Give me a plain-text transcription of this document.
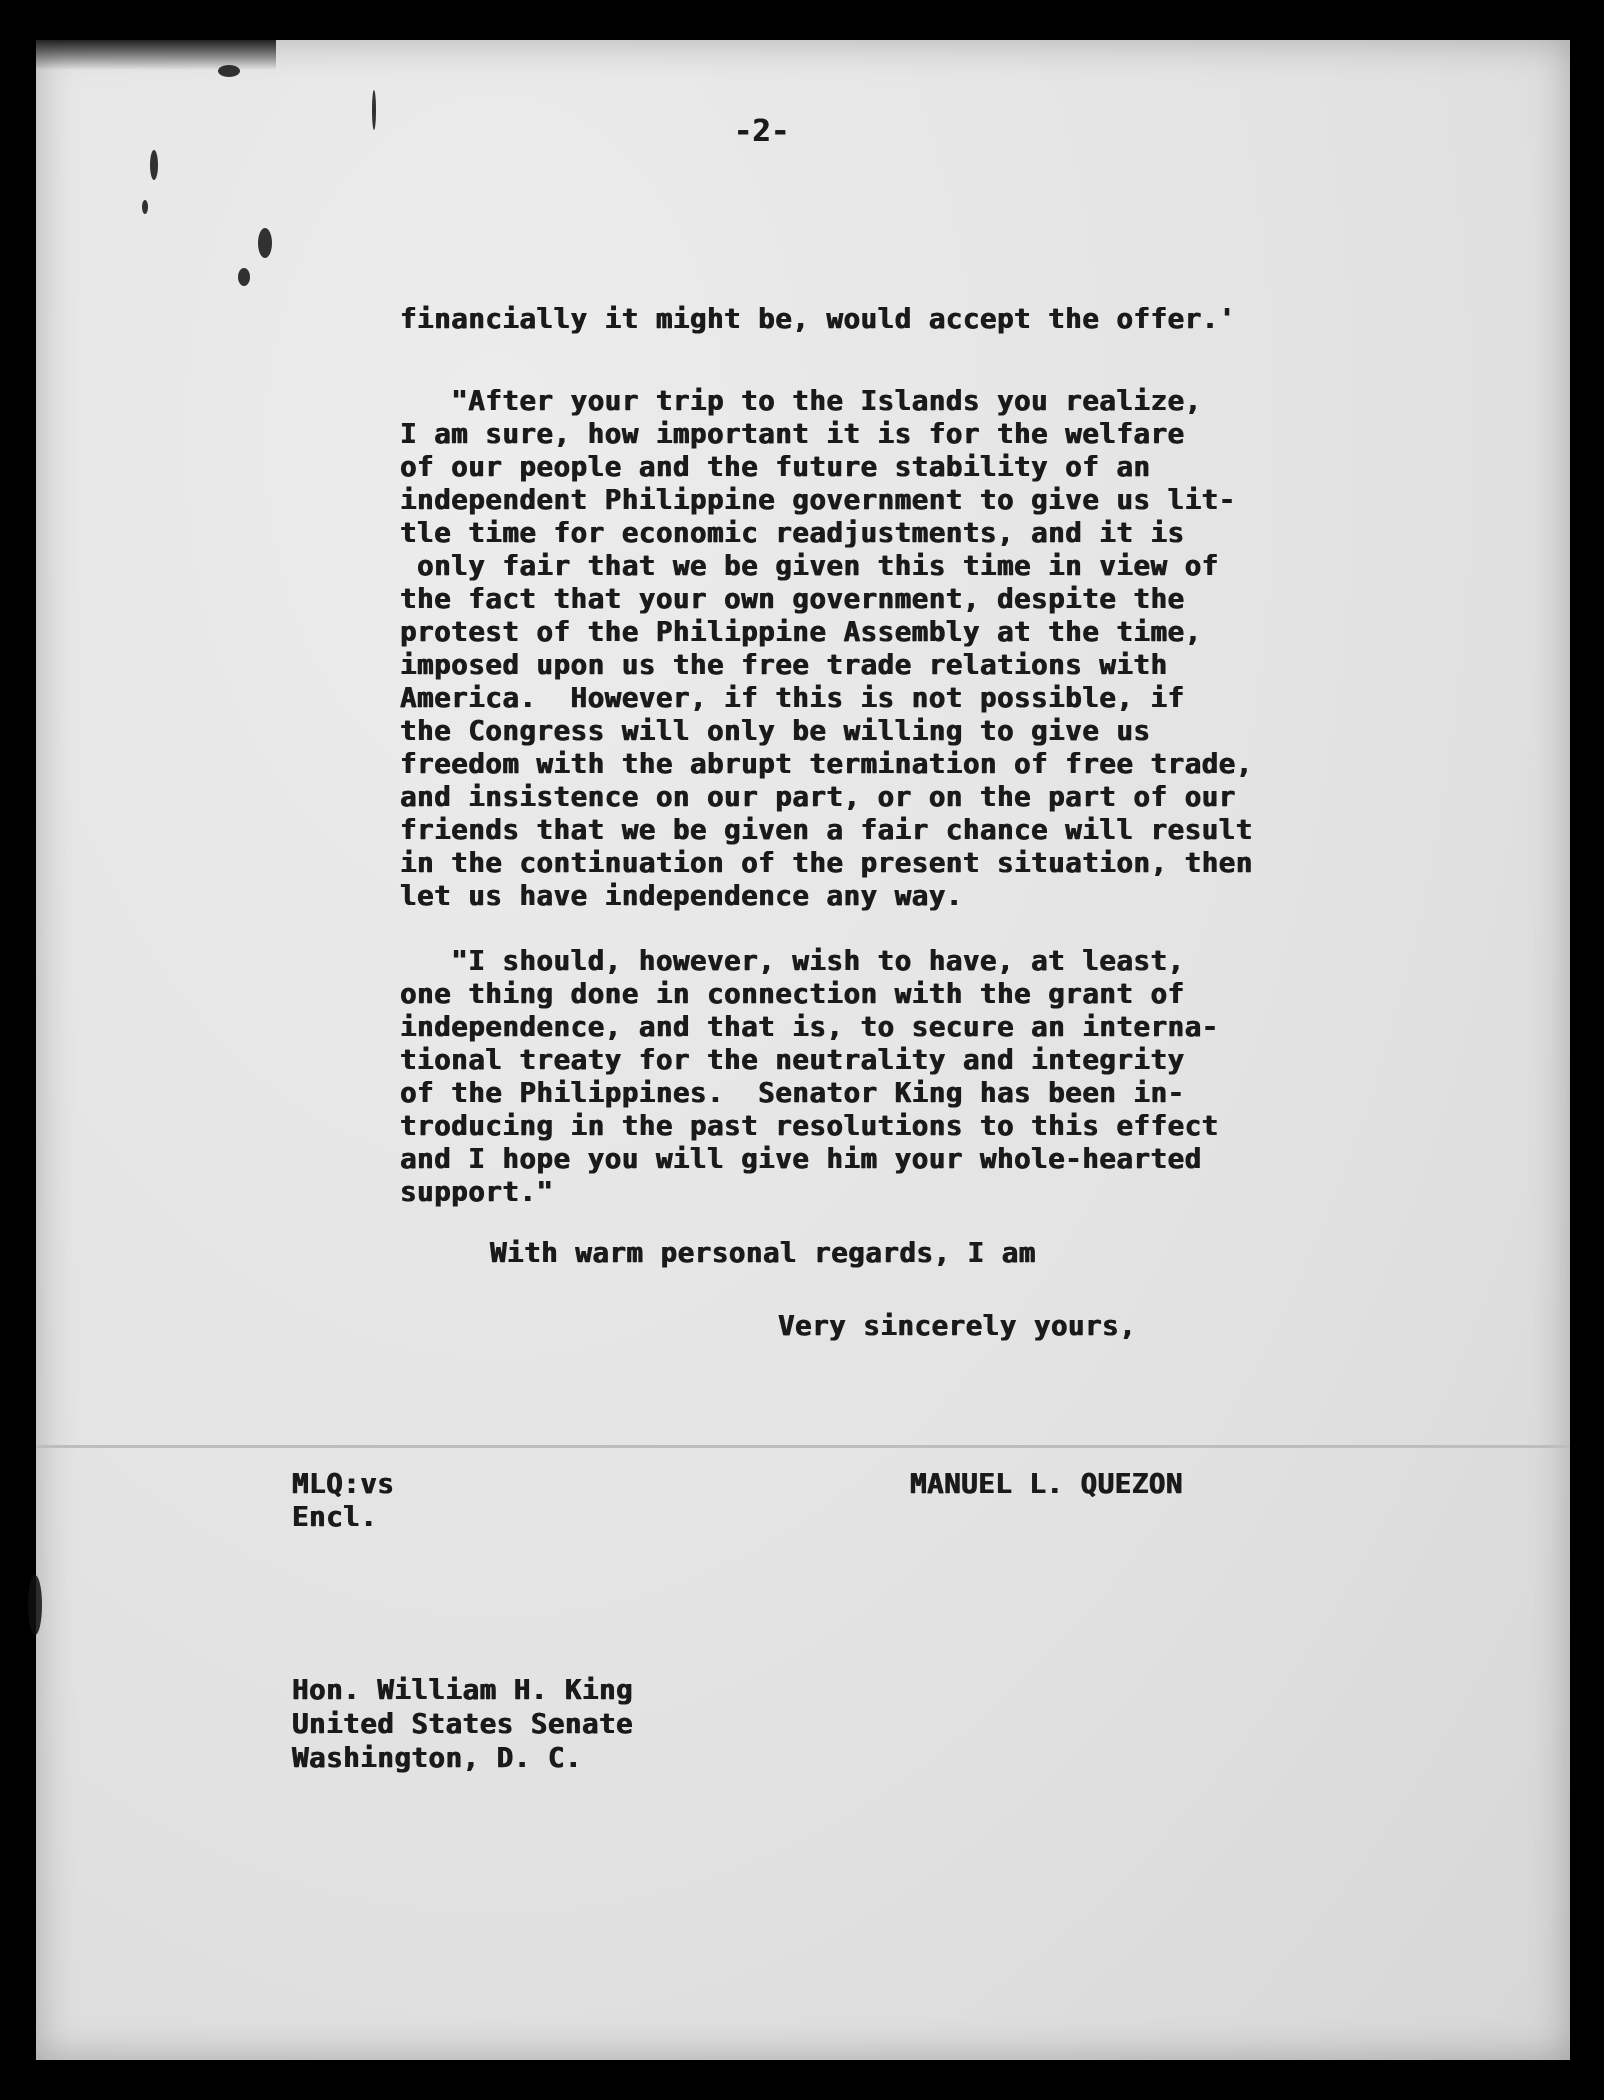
-2-

financially it might be, would accept the offer.'

"After your trip to the Islands you realize,
I am sure, how important it is for the welfare
of our people and the future stability of an
independent Philippine government to give us lit-
tle time for economic readjustments, and it is
only fair that we be given this time in view of
the fact that your own government, despite the
protest of the Philippine Assembly at the time,
imposed upon us the free trade relations with
America.  However, if this is not possible, if
the Congress will only be willing to give us
freedom with the abrupt termination of free trade,
and insistence on our part, or on the part of our
friends that we be given a fair chance will result
in the continuation of the present situation, then
let us have independence any way.

"I should, however, wish to have, at least,
one thing done in connection with the grant of
independence, and that is, to secure an interna-
tional treaty for the neutrality and integrity
of the Philippines.  Senator King has been in-
troducing in the past resolutions to this effect
and I hope you will give him your whole-hearted
support."

With warm personal regards, I am

Very sincerely yours,

MANUEL L. QUEZON

MLQ:vs
Encl.

Hon. William H. King
United States Senate
Washington, D. C.
